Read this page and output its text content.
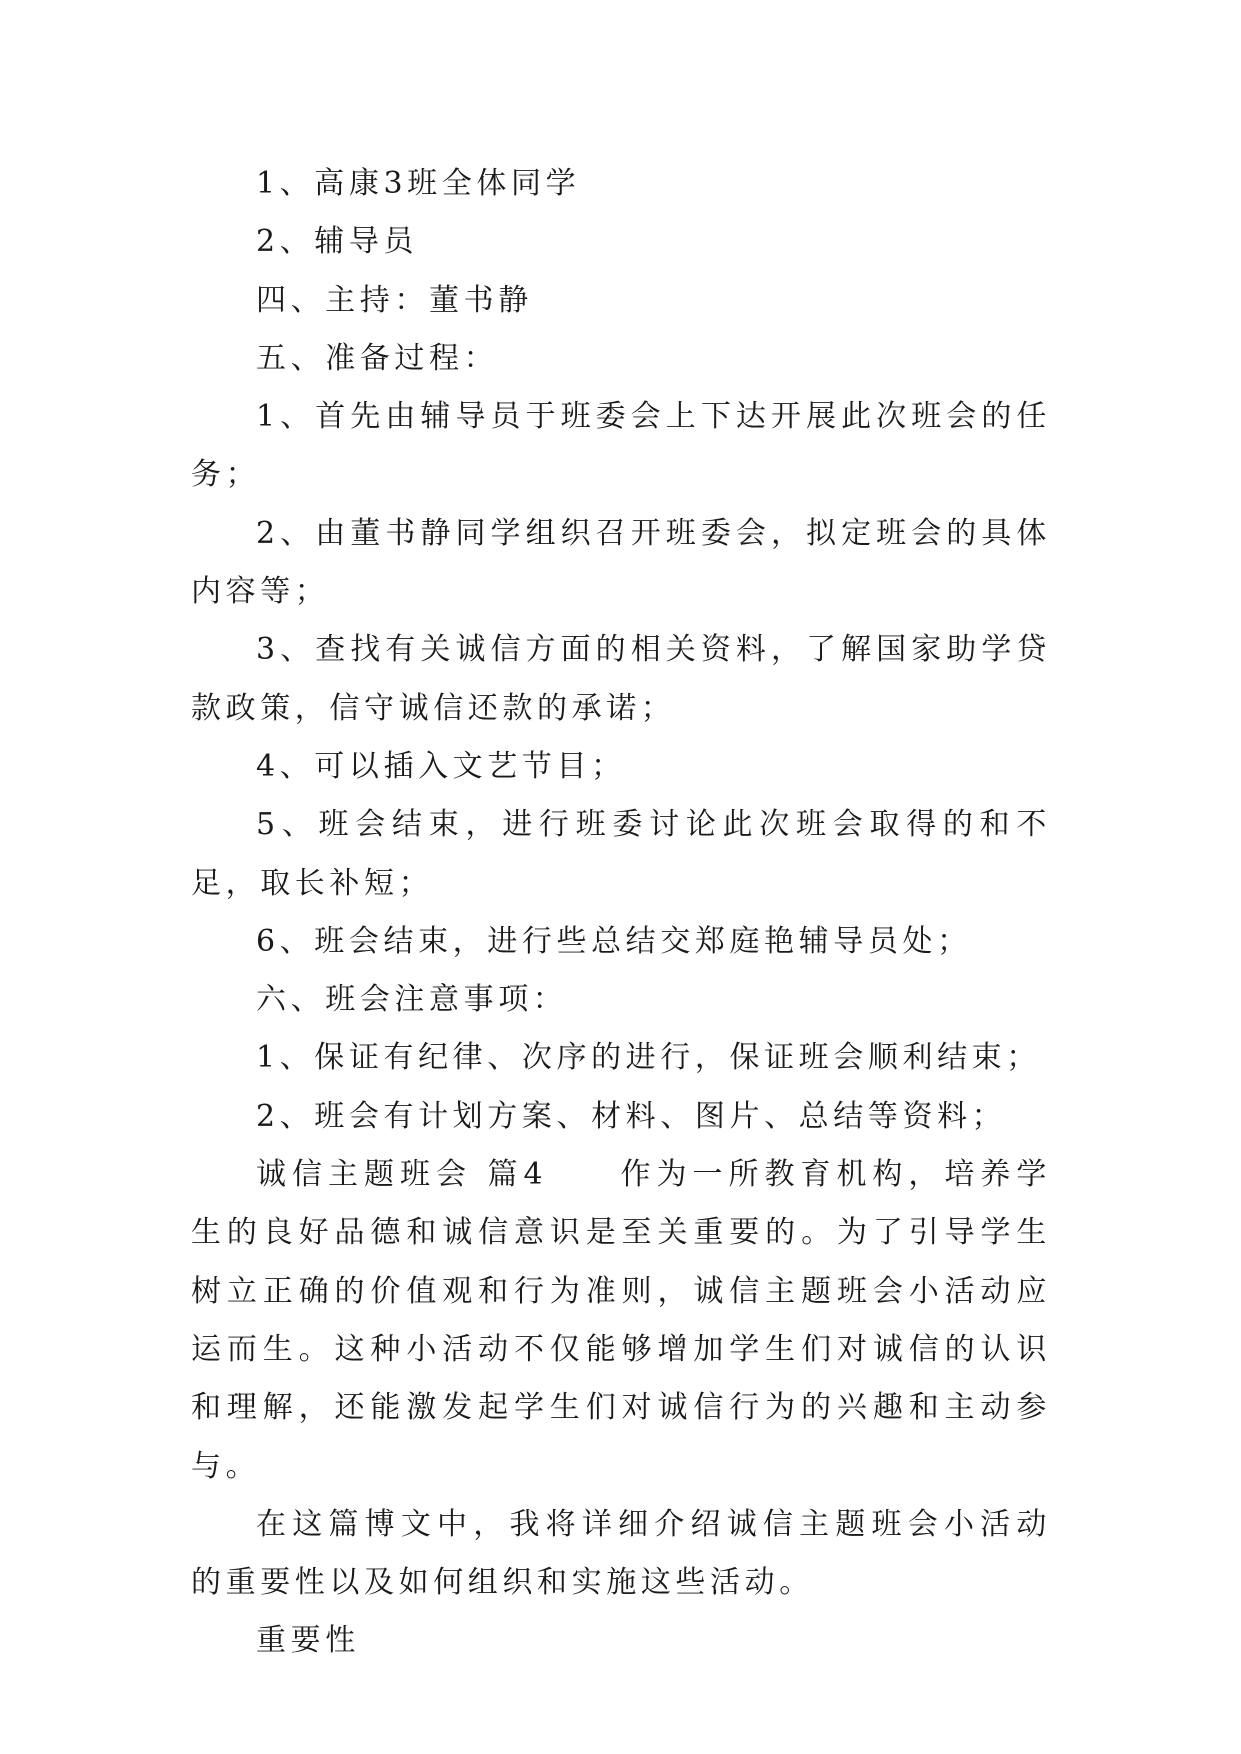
1、高康3班全体同学

2、辅导员

四、主持：董书静

五、准备过程：

1、首先由辅导员于班委会上下达开展此次班会的任务；

2、由董书静同学组织召开班委会，拟定班会的具体内容等；

3、查找有关诚信方面的相关资料，了解国家助学贷款政策，信守诚信还款的承诺；

4、可以插入文艺节目；

5、班会结束，进行班委讨论此次班会取得的和不足，取长补短；

6、班会结束，进行些总结交郑庭艳辅导员处；

六、班会注意事项：

1、保证有纪律、次序的进行，保证班会顺利结束；

2、班会有计划方案、材料、图片、总结等资料；

诚信主题班会 篇4　　作为一所教育机构，培养学生的良好品德和诚信意识是至关重要的。为了引导学生树立正确的价值观和行为准则，诚信主题班会小活动应运而生。这种小活动不仅能够增加学生们对诚信的认识和理解，还能激发起学生们对诚信行为的兴趣和主动参与。

在这篇博文中，我将详细介绍诚信主题班会小活动的重要性以及如何组织和实施这些活动。

重要性
